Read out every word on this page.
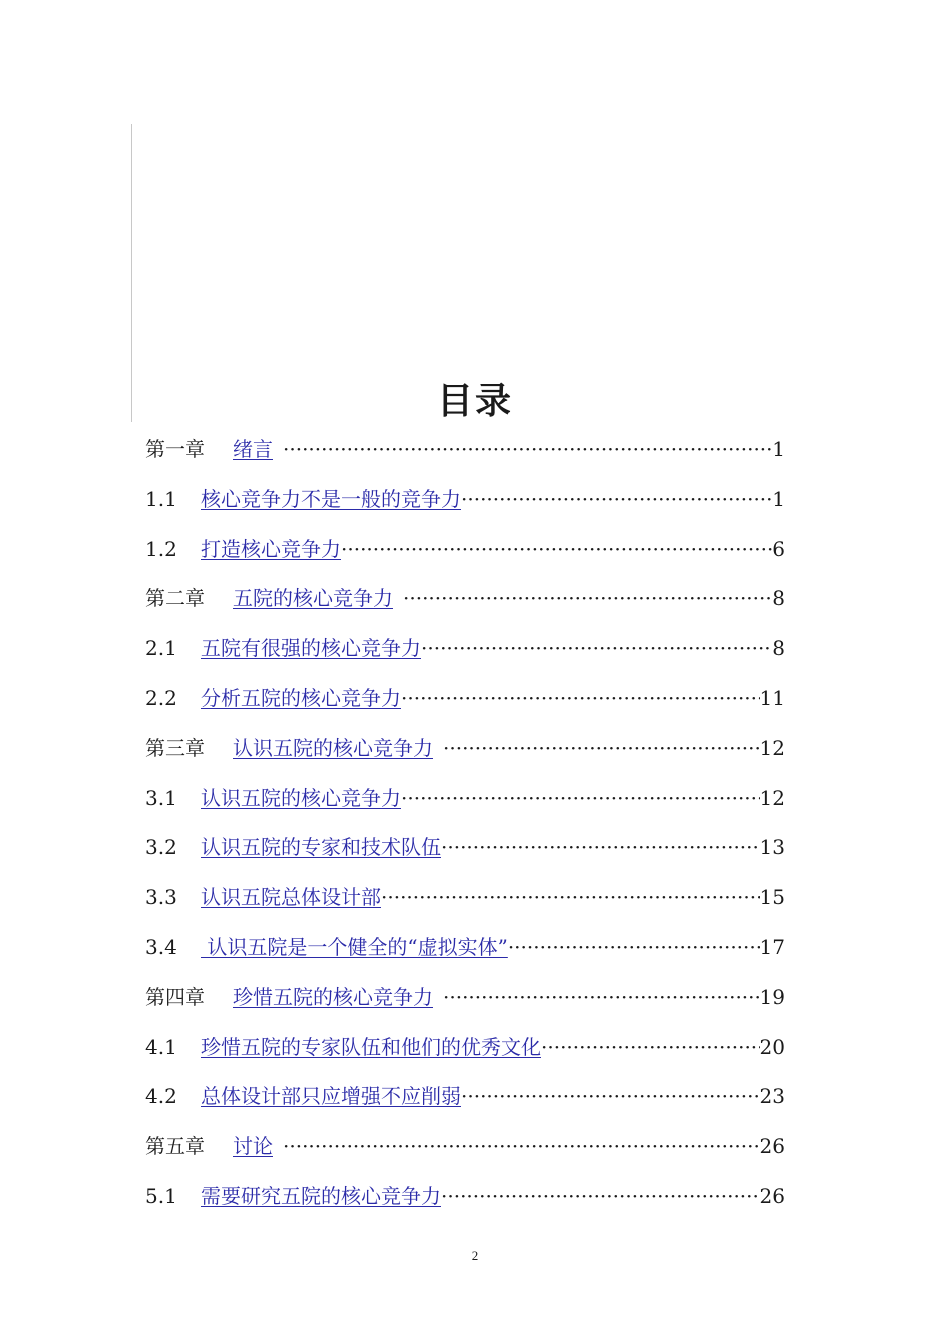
目录
第一章	绪言 ·····	1
1.1	核心竞争力不是一般的竞争力 ·····	1
1.2	打造核心竞争力 ·····	6
第二章	五院的核心竞争力 ·····	8
2.1	五院有很强的核心竞争力 ·····	8
2.2	分析五院的核心竞争力 ·····	11
第三章	认识五院的核心竞争力 ·····	12
3.1	认识五院的核心竞争力 ·····	12
3.2	认识五院的专家和技术队伍 ·····	13
3.3	认识五院总体设计部 ·····	15
3.4	认识五院是一个健全的“虚拟实体” ·····	17
第四章	珍惜五院的核心竞争力 ·····	19
4.1	珍惜五院的专家队伍和他们的优秀文化 ·····	20
4.2	总体设计部只应增强不应削弱 ·····	23
第五章	讨论 ·····	26
5.1	需要研究五院的核心竞争力 ·····	26
2
